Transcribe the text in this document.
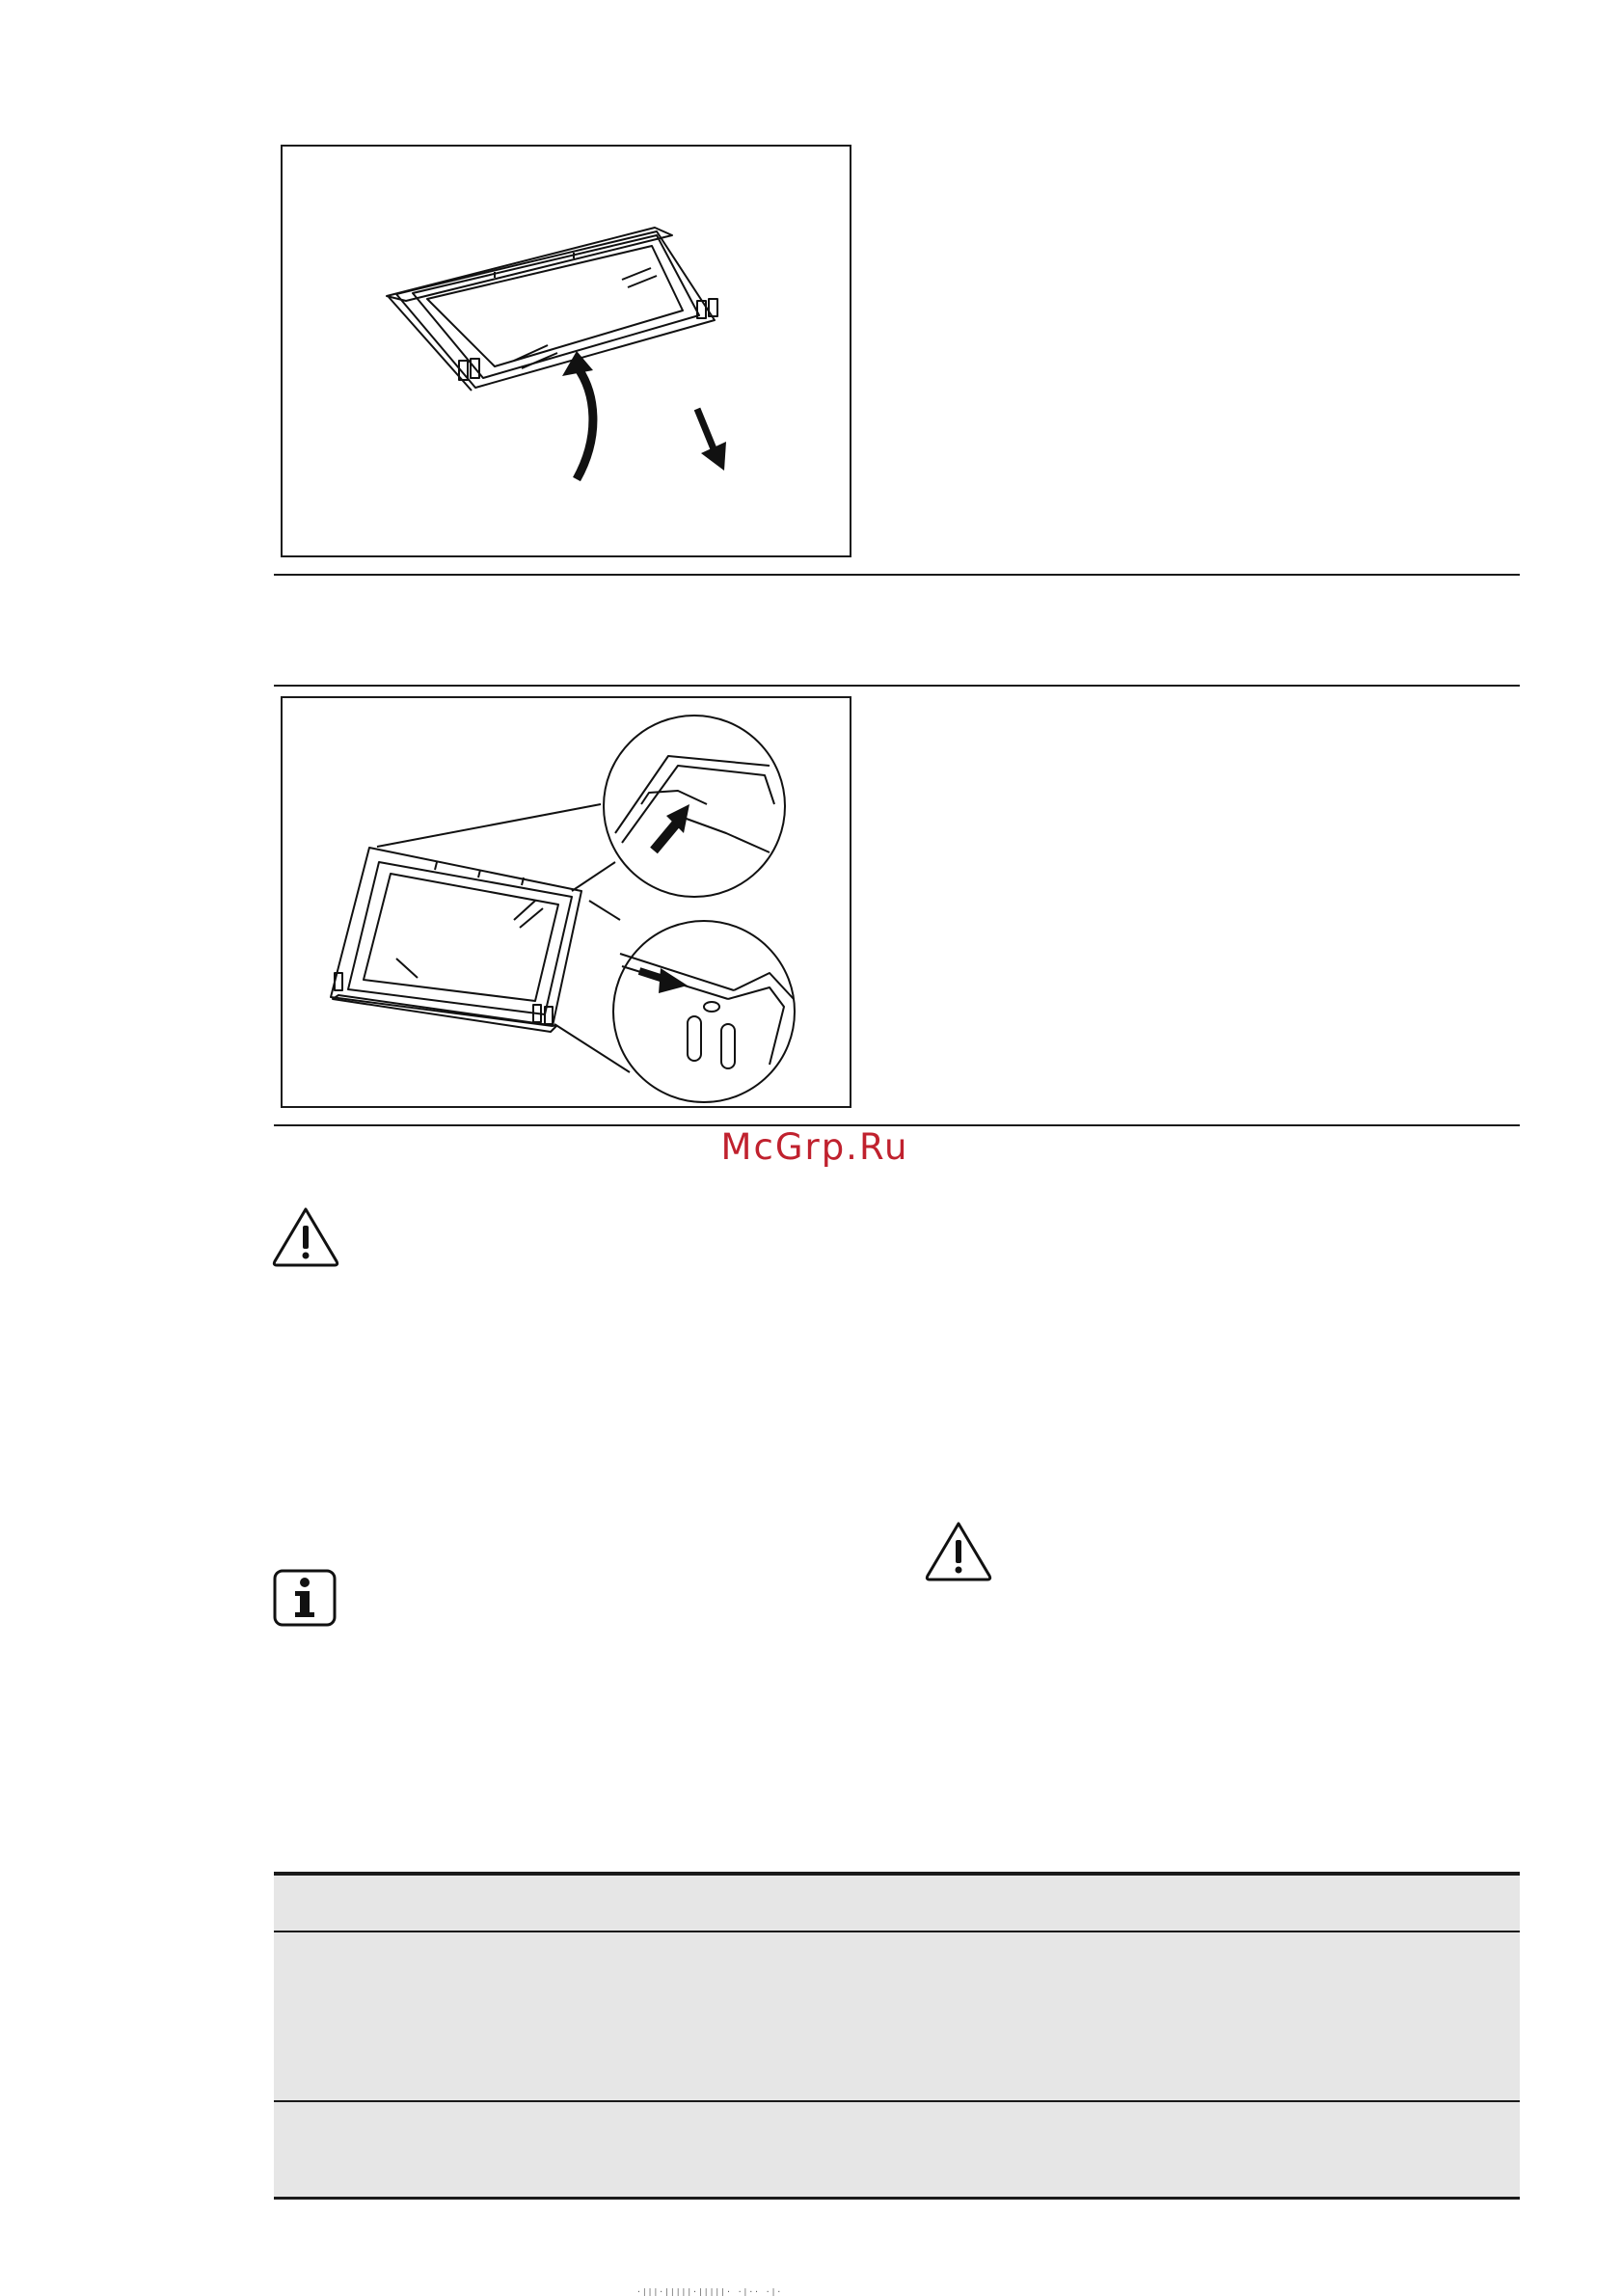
McGrp.Ru
·|||·|||||·|||||· ·|·· ·|·
